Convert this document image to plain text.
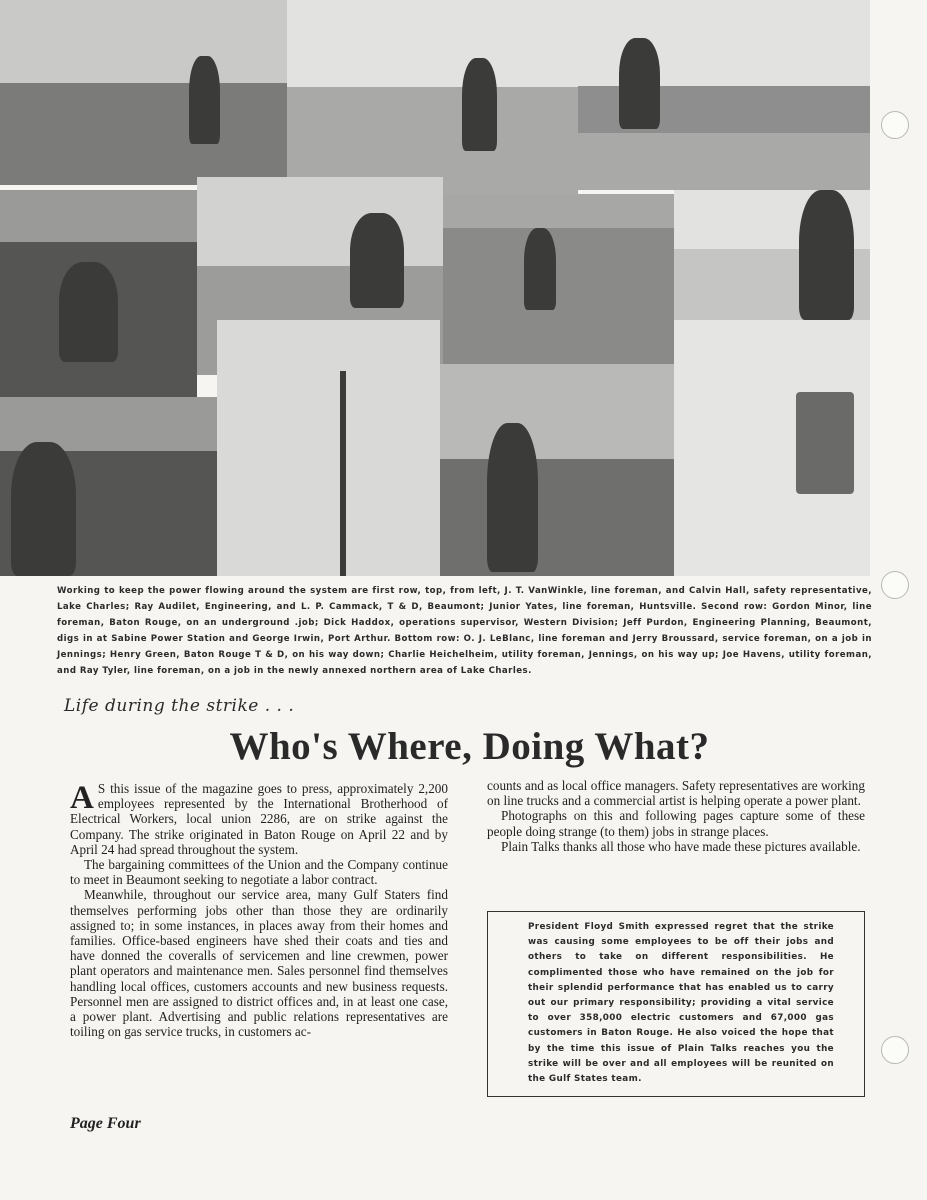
Working to keep the power flowing around the system are first row, top, from left, J. T. VanWinkle, line foreman, and Calvin Hall, safety representative, Lake Charles; Ray Audilet, Engineering, and L. P. Cammack, T & D, Beaumont; Junior Yates, line foreman, Huntsville. Second row: Gordon Minor, line foreman, Baton Rouge, on an underground .job; Dick Haddox, operations supervisor, Western Division; Jeff Purdon, Engineering Planning, Beaumont, digs in at Sabine Power Station and George Irwin, Port Arthur. Bottom row: O. J. LeBlanc, line foreman and Jerry Broussard, service foreman, on a job in Jennings; Henry Green, Baton Rouge T & D, on his way down; Charlie Heichelheim, utility foreman, Jennings, on his way up; Joe Havens, utility foreman, and Ray Tyler, line foreman, on a job in the newly annexed northern area of Lake Charles.
Life during the strike . . .
Who's Where, Doing What?

A S this issue of the magazine goes to press, approximately 2,200 employees represented by the International Brotherhood of Electrical Workers, local union 2286, are on strike against the Company. The strike originated in Baton Rouge on April 22 and by April 24 had spread throughout the system.

The bargaining committees of the Union and the Company continue to meet in Beaumont seeking to negotiate a labor contract.

Meanwhile, throughout our service area, many Gulf Staters find themselves performing jobs other than those they are ordinarily assigned to; in some instances, in places away from their homes and families. Office-based engineers have shed their coats and ties and have donned the coveralls of servicemen and line crewmen, power plant operators and maintenance men. Sales personnel find themselves handling local offices, customers accounts and new business requests. Personnel men are assigned to district offices and, in at least one case, a power plant. Advertising and public relations representatives are toiling on gas service trucks, in customers ac-

counts and as local office managers. Safety representatives are working on line trucks and a commercial artist is helping operate a power plant.

Photographs on this and following pages capture some of these people doing strange (to them) jobs in strange places.

Plain Talks thanks all those who have made these pictures available.

President Floyd Smith expressed regret that the strike was causing some employees to be off their jobs and others to take on different responsibilities. He complimented those who have remained on the job for their splendid performance that has enabled us to carry out our primary responsibility; providing a vital service to over 358,000 electric customers and 67,000 gas customers in Baton Rouge. He also voiced the hope that by the time this issue of Plain Talks reaches you the strike will be over and all employees will be reunited on the Gulf States team.
Page Four
